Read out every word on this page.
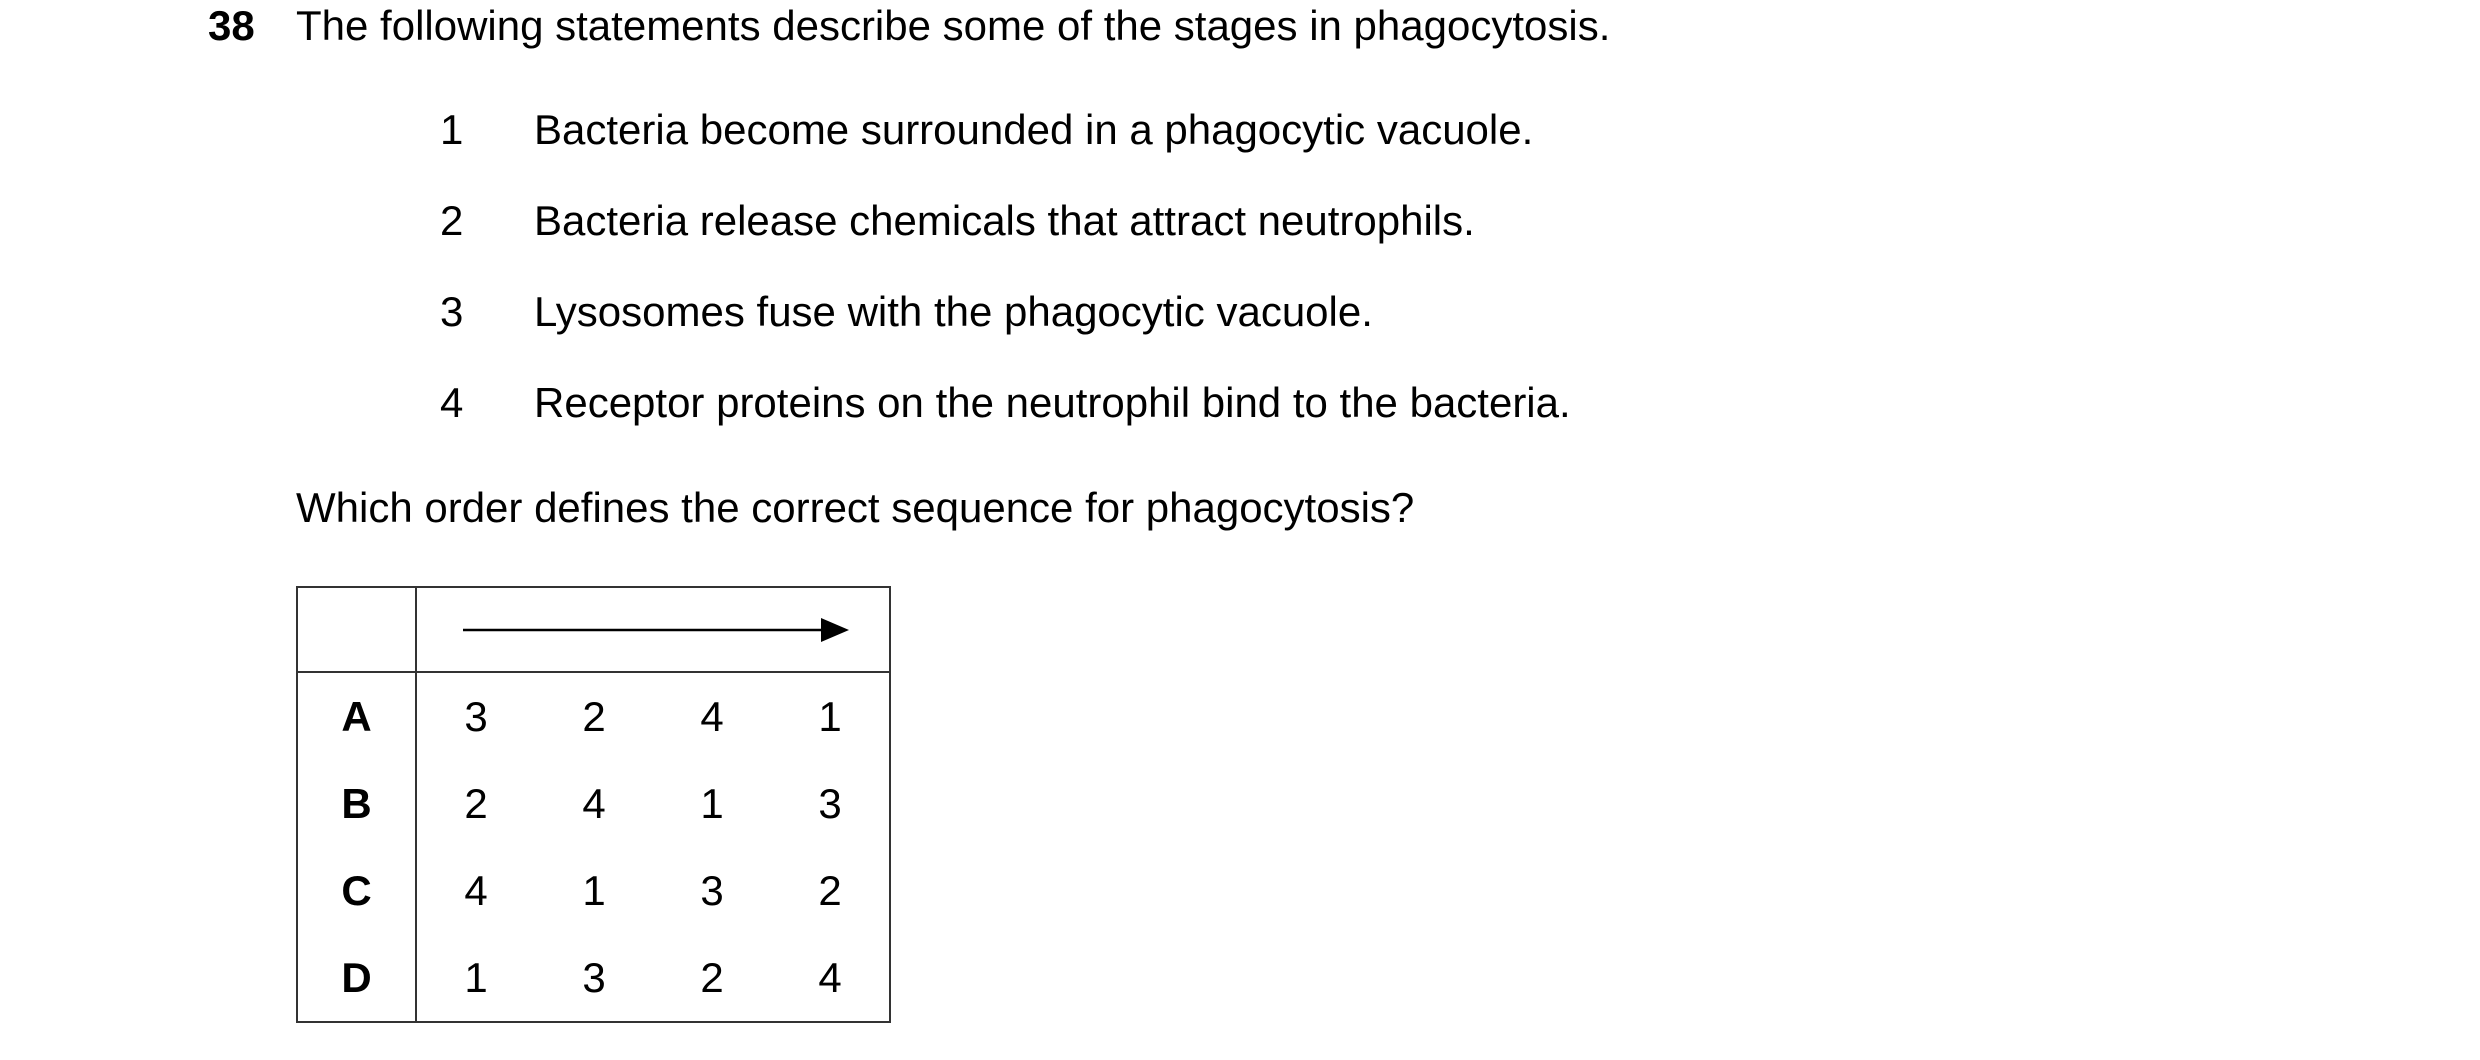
38 The following statements describe some of the stages in phagocytosis.
1	Bacteria become surrounded in a phagocytic vacuole.
2	Bacteria release chemicals that attract neutrophils.
3	Lysosomes fuse with the phagocytic vacuole.
4	Receptor proteins on the neutrophil bind to the bacteria.
Which order defines the correct sequence for phagocytosis?

A	3	2	4	1
B	2	4	1	3
C	4	1	3	2
D	1	3	2	4
